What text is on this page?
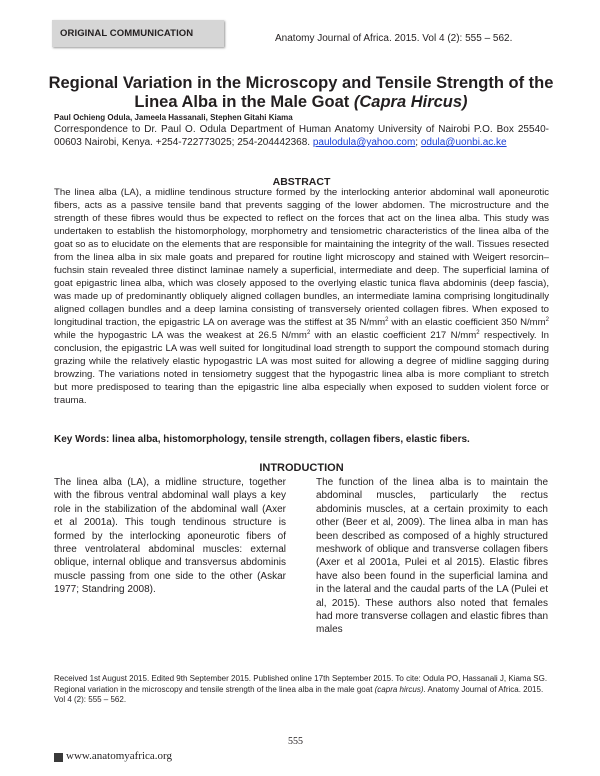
ORIGINAL COMMUNICATION	Anatomy Journal of Africa. 2015. Vol 4 (2): 555 – 562.
Regional Variation in the Microscopy and Tensile Strength of the Linea Alba in the Male Goat (Capra Hircus)
Paul Ochieng Odula, Jameela Hassanali, Stephen Gitahi Kiama
Correspondence to Dr. Paul O. Odula Department of Human Anatomy University of Nairobi P.O. Box 25540-00603 Nairobi, Kenya. +254-722773025; 254-204442368. paulodula@yahoo.com; odula@uonbi.ac.ke
ABSTRACT
The linea alba (LA), a midline tendinous structure formed by the interlocking anterior abdominal wall aponeurotic fibers, acts as a passive tensile band that prevents sagging of the lower abdomen. The microstructure and the strength of these fibres would thus be expected to reflect on the forces that act on the linea alba. This study was undertaken to establish the histomorphology, morphometry and tensiometric characteristics of the linea alba of the goat so as to elucidate on the elements that are responsible for maintaining the integrity of the wall. Tissues resected from the linea alba in six male goats and prepared for routine light microscopy and stained with Weigert resorcin–fuchsin stain revealed three distinct laminae namely a superficial, intermediate and deep. The superficial lamina of goat epigastric linea alba, which was closely apposed to the overlying elastic tunica flava abdominis (deep fascia), was made up of predominantly obliquely aligned collagen bundles, an intermediate lamina comprising longitudinally aligned collagen bundles and a deep lamina consisting of transversely oriented collagen fibres. When exposed to longitudinal traction, the epigastric LA on average was the stiffest at 35 $N/mm^2$ with an elastic coefficient 350 $N/mm^2$ while the hypogastric LA was the weakest at 26.5 $N/mm^2$ with an elastic coefficient 217 $N/mm^2$ respectively. In conclusion, the epigastric LA was well suited for longitudinal load strength to support the compound stomach during grazing while the relatively elastic hypogastric LA was most suited for allowing a degree of midline sagging during browzing. The variations noted in tensiometry suggest that the hypogastric linea alba is more compliant to stretch but more predisposed to tearing than the epigastric line alba especially when exposed to sudden violent force or trauma.
Key Words: linea alba, histomorphology, tensile strength, collagen fibers, elastic fibers.
INTRODUCTION
The linea alba (LA), a midline structure, together with the fibrous ventral abdominal wall plays a key role in the stabilization of the abdominal wall (Axer et al 2001a). This tough tendinous structure is formed by the interlocking aponeurotic fibers of three ventrolateral abdominal muscles: external oblique, internal oblique and transversus abdominis muscle passing from one side to the other (Askar 1977; Standring 2008).
The function of the linea alba is to maintain the abdominal muscles, particularly the rectus abdominis muscles, at a certain proximity to each other (Beer et al, 2009). The linea alba in man has been described as composed of a highly structured meshwork of oblique and transverse collagen fibers (Axer et al 2001a, Pulei et al 2015). Elastic fibres have also been found in the superficial lamina and in the lateral and the caudal parts of the LA (Pulei et al, 2015). These authors also noted that females had more transverse collagen and elastic fibres than males
Received 1st August 2015. Edited 9th September 2015. Published online 17th September 2015. To cite: Odula PO, Hassanali J, Kiama SG. Regional variation in the microscopy and tensile strength of the linea alba in the male goat (capra hircus). Anatomy Journal of Africa. 2015. Vol 4 (2): 555 – 562.
555
www.anatomyafrica.org
